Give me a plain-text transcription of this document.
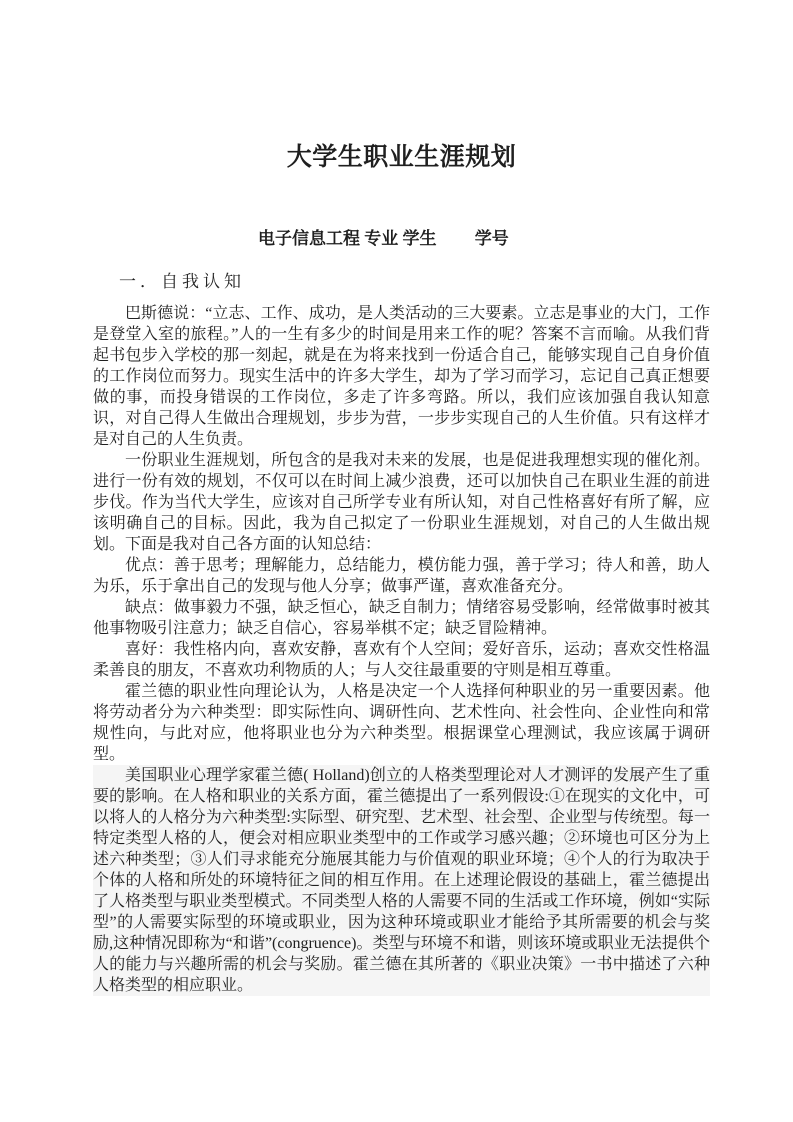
大学生职业生涯规划
电子信息工程 专业 学生　　 学号
一．自我认知

巴斯德说：“立志、工作、成功，是人类活动的三大要素。立志是事业的大门，工作是登堂入室的旅程。”人的一生有多少的时间是用来工作的呢？答案不言而喻。从我们背起书包步入学校的那一刻起，就是在为将来找到一份适合自己，能够实现自己自身价值的工作岗位而努力。现实生活中的许多大学生，却为了学习而学习，忘记自己真正想要做的事，而投身错误的工作岗位，多走了许多弯路。所以，我们应该加强自我认知意识，对自己得人生做出合理规划，步步为营，一步步实现自己的人生价值。只有这样才是对自己的人生负责。

一份职业生涯规划，所包含的是我对未来的发展，也是促进我理想实现的催化剂。进行一份有效的规划，不仅可以在时间上减少浪费，还可以加快自己在职业生涯的前进步伐。作为当代大学生，应该对自己所学专业有所认知，对自己性格喜好有所了解，应该明确自己的目标。因此，我为自己拟定了一份职业生涯规划，对自己的人生做出规划。下面是我对自己各方面的认知总结：

优点：善于思考；理解能力，总结能力，模仿能力强，善于学习；待人和善，助人为乐，乐于拿出自己的发现与他人分享；做事严谨，喜欢准备充分。

缺点：做事毅力不强，缺乏恒心，缺乏自制力；情绪容易受影响，经常做事时被其他事物吸引注意力；缺乏自信心，容易举棋不定；缺乏冒险精神。

喜好：我性格内向，喜欢安静，喜欢有个人空间；爱好音乐，运动；喜欢交性格温柔善良的朋友，不喜欢功利物质的人；与人交往最重要的守则是相互尊重。

霍兰德的职业性向理论认为，人格是决定一个人选择何种职业的另一重要因素。他将劳动者分为六种类型：即实际性向、调研性向、艺术性向、社会性向、企业性向和常规性向，与此对应，他将职业也分为六种类型。根据课堂心理测试，我应该属于调研型。

美国职业心理学家霍兰德( Holland)创立的人格类型理论对人才测评的发展产生了重要的影响。在人格和职业的关系方面，霍兰德提出了一系列假设:①在现实的文化中，可以将人的人格分为六种类型:实际型、研究型、艺术型、社会型、企业型与传统型。每一特定类型人格的人，便会对相应职业类型中的工作或学习感兴趣；②环境也可区分为上述六种类型；③人们寻求能充分施展其能力与价值观的职业环境；④个人的行为取决于个体的人格和所处的环境特征之间的相互作用。在上述理论假设的基础上，霍兰德提出了人格类型与职业类型模式。不同类型人格的人需要不同的生活或工作环境，例如“实际型”的人需要实际型的环境或职业，因为这种环境或职业才能给予其所需要的机会与奖励,这种情况即称为“和谐”(congruence)。类型与环境不和谐，则该环境或职业无法提供个人的能力与兴趣所需的机会与奖励。霍兰德在其所著的《职业决策》一书中描述了六种人格类型的相应职业。
